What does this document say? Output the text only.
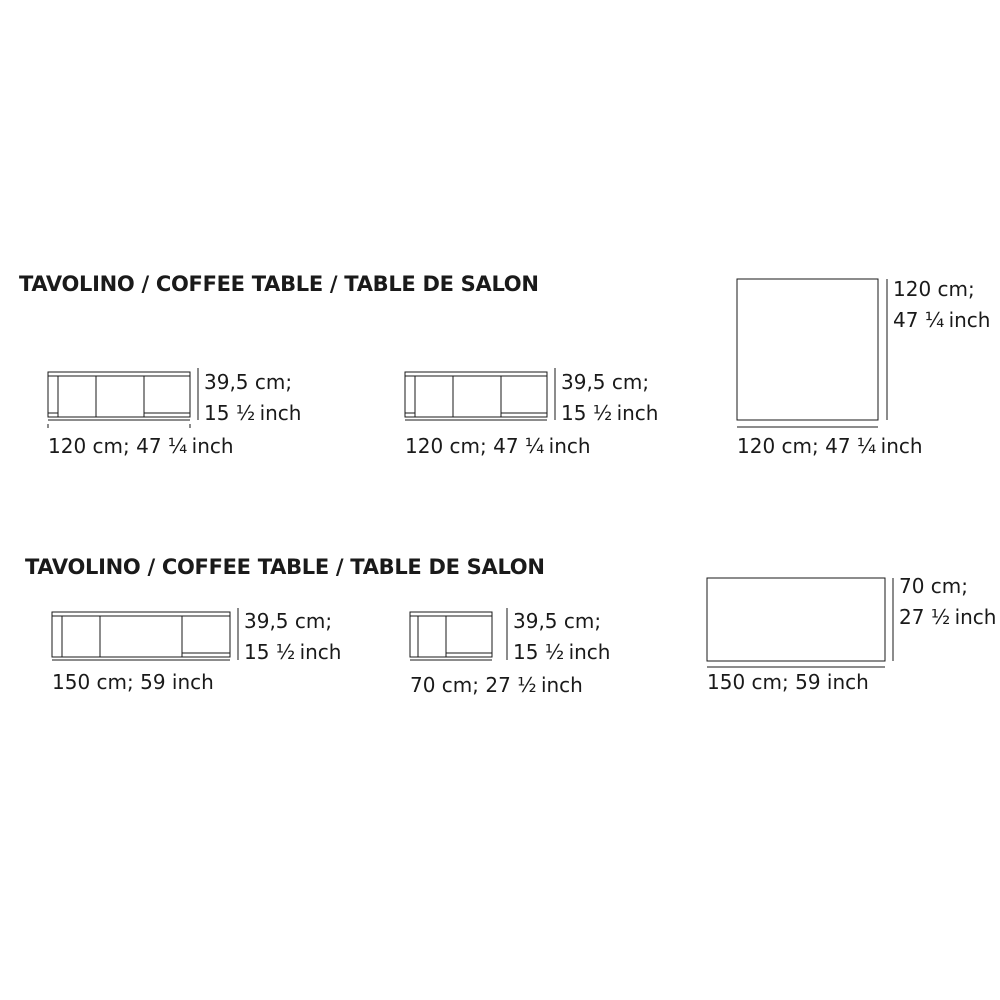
TAVOLINO / COFFEE TABLE / TABLE DE SALON
39,5 cm;
15 ½ inch
120 cm; 47 ¼ inch
39,5 cm;
15 ½ inch
120 cm; 47 ¼ inch
120 cm;
47 ¼ inch
120 cm; 47 ¼ inch
TAVOLINO / COFFEE TABLE / TABLE DE SALON
39,5 cm;
15 ½ inch
150 cm; 59 inch
39,5 cm;
15 ½ inch
70 cm; 27 ½ inch
70 cm;
27 ½ inch
150 cm; 59 inch
